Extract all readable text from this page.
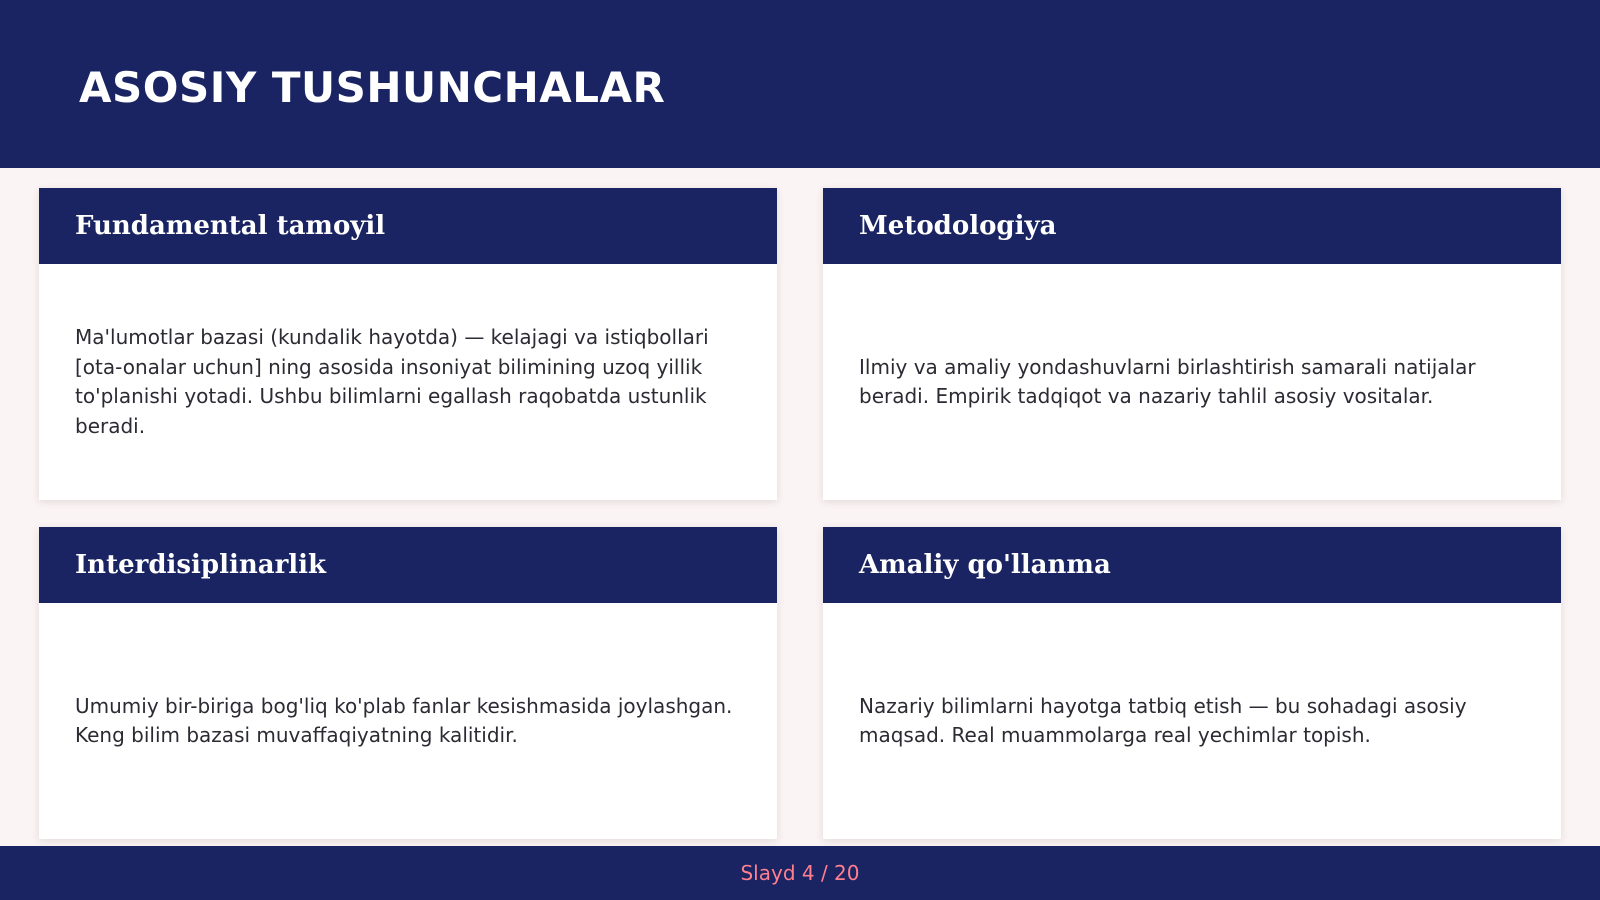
ASOSIY TUSHUNCHALAR
Fundamental tamoyil

Ma'lumotlar bazasi (kundalik hayotda) — kelajagi va istiqbollari [ota-onalar uchun] ning asosida insoniyat bilimining uzoq yillik to'planishi yotadi. Ushbu bilimlarni egallash raqobatda ustunlik beradi.

Metodologiya

Ilmiy va amaliy yondashuvlarni birlashtirish samarali natijalar beradi. Empirik tadqiqot va nazariy tahlil asosiy vositalar.

Interdisiplinarlik

Umumiy bir-biriga bog'liq ko'plab fanlar kesishmasida joylashgan. Keng bilim bazasi muvaffaqiyatning kalitidir.

Amaliy qo'llanma

Nazariy bilimlarni hayotga tatbiq etish — bu sohadagi asosiy maqsad. Real muammolarga real yechimlar topish.

Slayd 4 / 20
